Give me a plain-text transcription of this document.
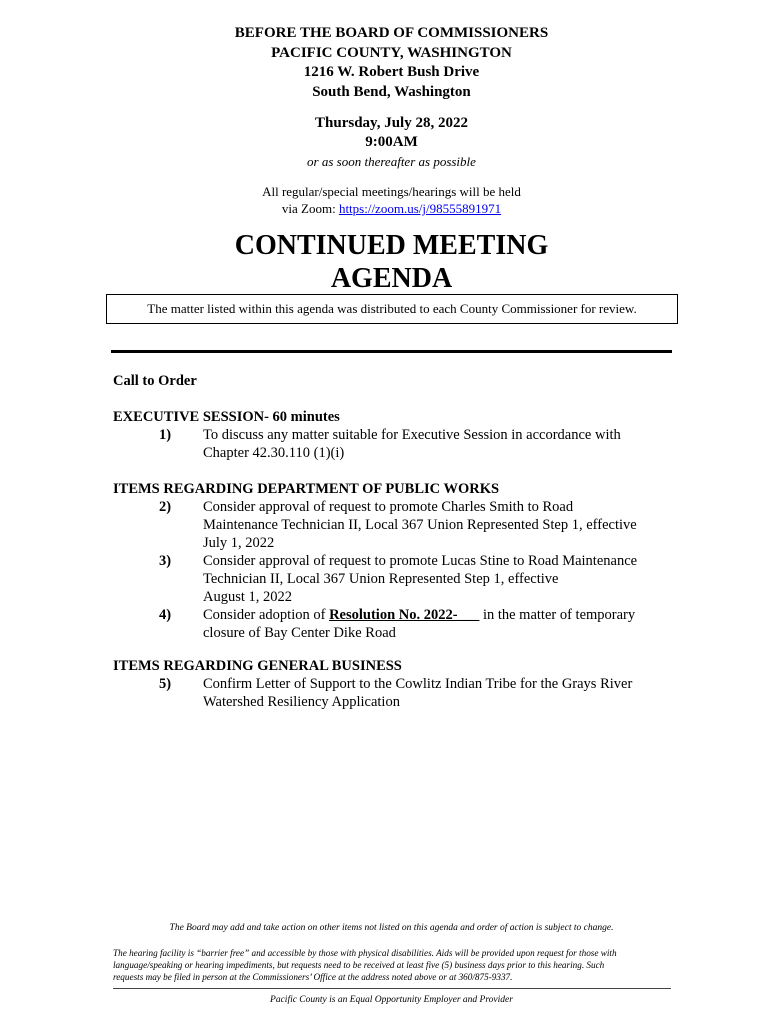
BEFORE THE BOARD OF COMMISSIONERS
PACIFIC COUNTY, WASHINGTON
1216 W. Robert Bush Drive
South Bend, Washington
Thursday, July 28, 2022
9:00AM
or as soon thereafter as possible
All regular/special meetings/hearings will be held
via Zoom: https://zoom.us/j/98555891971
CONTINUED MEETING
AGENDA
The matter listed within this agenda was distributed to each County Commissioner for review.
Call to Order
EXECUTIVE SESSION- 60 minutes
1)	To discuss any matter suitable for Executive Session in accordance with
Chapter 42.30.110 (1)(i)
ITEMS REGARDING DEPARTMENT OF PUBLIC WORKS
2)	Consider approval of request to promote Charles Smith to Road
Maintenance Technician II, Local 367 Union Represented Step 1, effective
July 1, 2022
3)	Consider approval of request to promote Lucas Stine to Road Maintenance
Technician II, Local 367 Union Represented Step 1, effective
August 1, 2022
4)	Consider adoption of Resolution No. 2022-___ in the matter of temporary
closure of Bay Center Dike Road
ITEMS REGARDING GENERAL BUSINESS
5)	Confirm Letter of Support to the Cowlitz Indian Tribe for the Grays River
Watershed Resiliency Application
The Board may add and take action on other items not listed on this agenda and order of action is subject to change.
The hearing facility is “barrier free” and accessible by those with physical disabilities. Aids will be provided upon request for those with
language/speaking or hearing impediments, but requests need to be received at least five (5) business days prior to this hearing. Such
requests may be filed in person at the Commissioners’ Office at the address noted above or at 360/875-9337.
Pacific County is an Equal Opportunity Employer and Provider
